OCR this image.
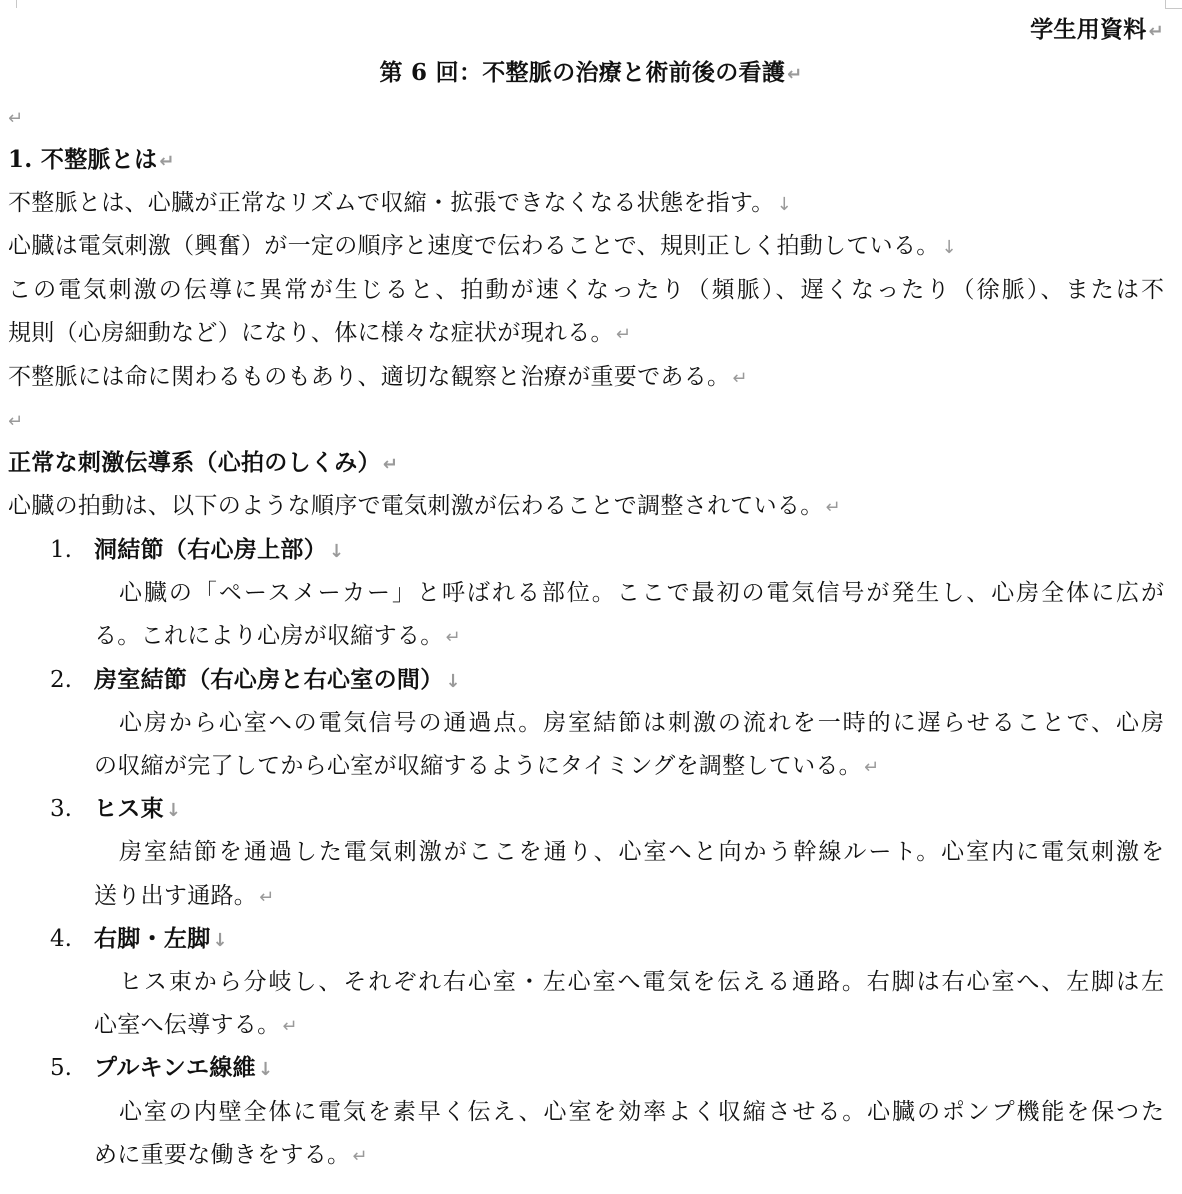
学生用資料 ↵
第 6 回：不整脈の治療と術前後の看護 ↵
↵
1. 不整脈とは ↵
不整脈とは、心臓が正常なリズムで収縮・拡張できなくなる状態を指す。 ↓
心臓は電気刺激（興奮）が一定の順序と速度で伝わることで、規則正しく拍動している。 ↓
この電気刺激の伝導に異常が生じると、拍動が速くなったり（頻脈）、遅くなったり（徐脈）、または不
規則（心房細動など）になり、体に様々な症状が現れる。 ↵
不整脈には命に関わるものもあり、適切な観察と治療が重要である。 ↵
↵
正常な刺激伝導系（心拍のしくみ） ↵
心臓の拍動は、以下のような順序で電気刺激が伝わることで調整されている。 ↵
1. 洞結節（右心房上部） ↓
心臓の「ペースメーカー」と呼ばれる部位。ここで最初の電気信号が発生し、心房全体に広が
る。これにより心房が収縮する。 ↵
2. 房室結節（右心房と右心室の間） ↓
心房から心室への電気信号の通過点。房室結節は刺激の流れを一時的に遅らせることで、心房
の収縮が完了してから心室が収縮するようにタイミングを調整している。 ↵
3. ヒス束 ↓
房室結節を通過した電気刺激がここを通り、心室へと向かう幹線ルート。心室内に電気刺激を
送り出す通路。 ↵
4. 右脚・左脚 ↓
ヒス束から分岐し、それぞれ右心室・左心室へ電気を伝える通路。右脚は右心室へ、左脚は左
心室へ伝導する。 ↵
5. プルキンエ線維 ↓
心室の内壁全体に電気を素早く伝え、心室を効率よく収縮させる。心臓のポンプ機能を保つた
めに重要な働きをする。 ↵
